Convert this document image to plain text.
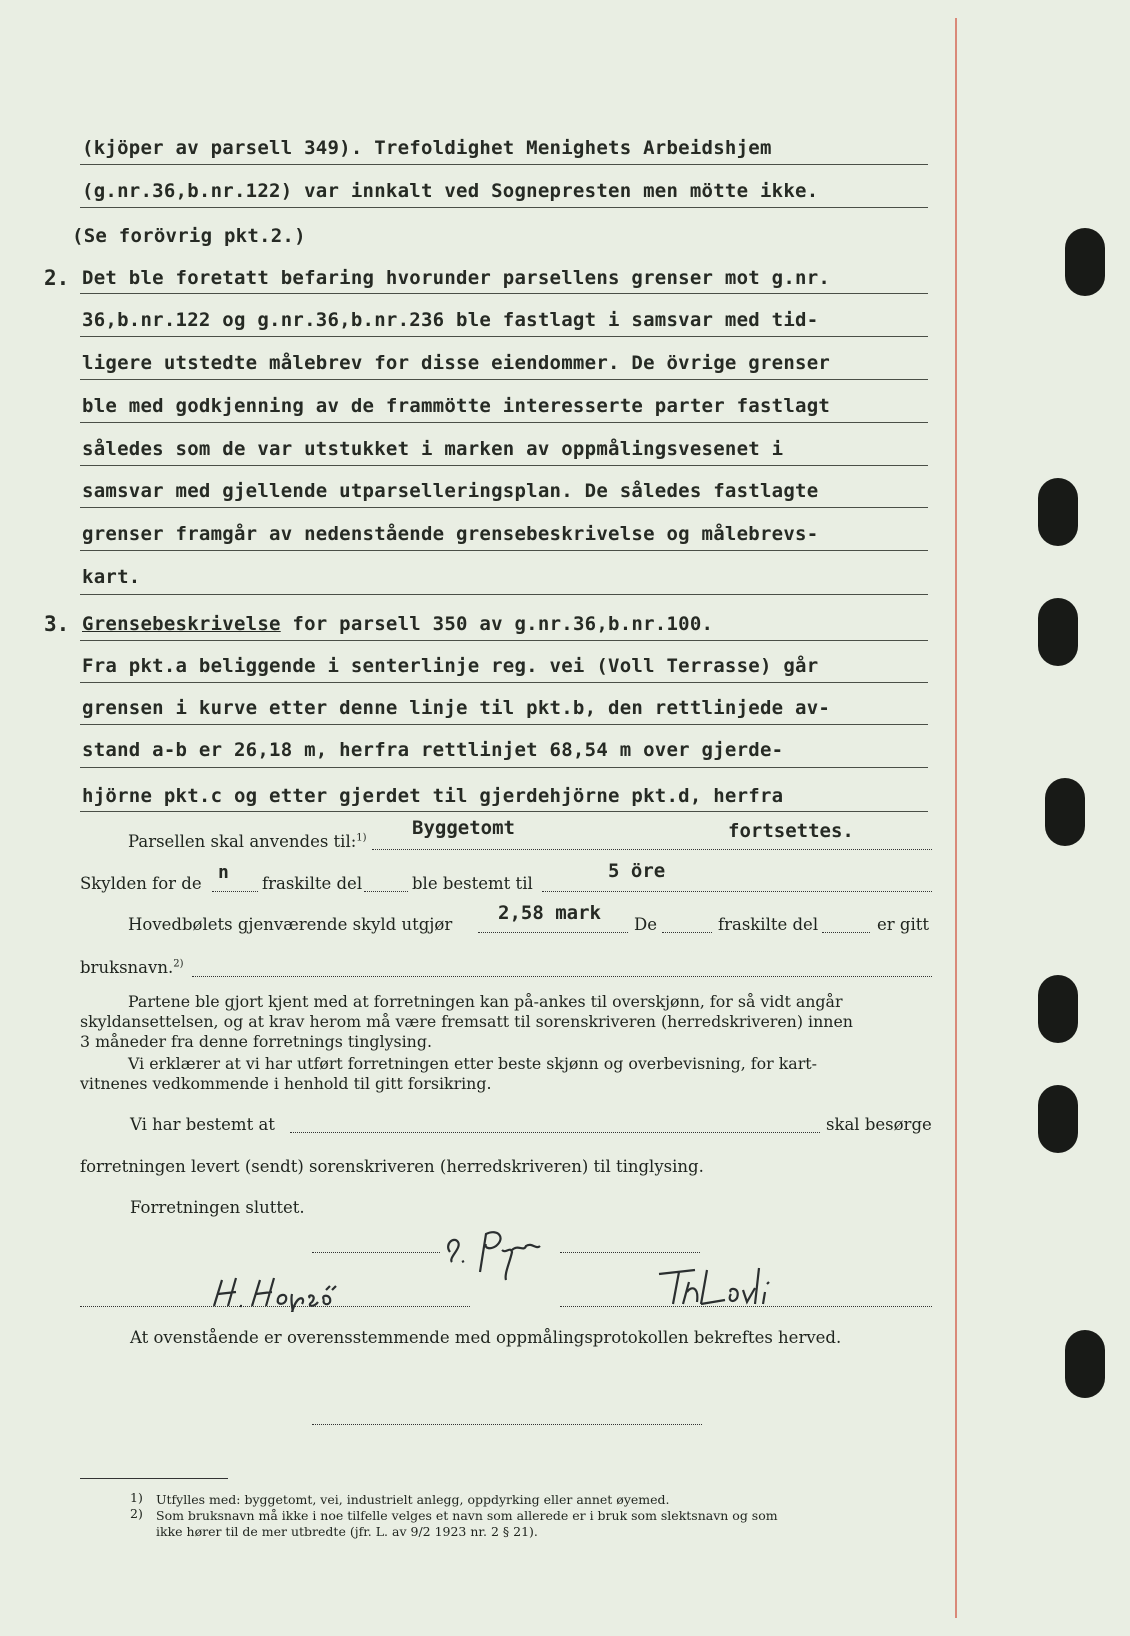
(kjöper av parsell 349). Trefoldighet Menighets Arbeidshjem
(g.nr.36,b.nr.122) var innkalt ved Sognepresten men mötte ikke.
(Se forövrig pkt.2.)
2. Det ble foretatt befaring hvorunder parsellens grenser mot g.nr.
36,b.nr.122 og g.nr.36,b.nr.236 ble fastlagt i samsvar med tid-
ligere utstedte målebrev for disse eiendommer. De övrige grenser
ble med godkjenning av de frammötte interesserte parter fastlagt
således som de var utstukket i marken av oppmålingsvesenet i
samsvar med gjellende utparselleringsplan. De således fastlagte
grenser framgår av nedenstående grensebeskrivelse og målebrevs-
kart.
3. Grensebeskrivelse for parsell 350 av g.nr.36,b.nr.100.
Fra pkt.a beliggende i senterlinje reg. vei (Voll Terrasse) går
grensen i kurve etter denne linje til pkt.b, den rettlinjede av-
stand a-b er 26,18 m, herfra rettlinjet 68,54 m over gjerde-
hjörne pkt.c og etter gjerdet til gjerdehjörne pkt.d, herfra
Parsellen skal anvendes til:$^{1)}$ Byggetomt	fortsettes.
Skylden for de
n
fraskilte del	ble bestemt til
5 öre
Hovedbølets gjenværende skyld utgjør
2,58 mark
De	fraskilte del	er gitt
bruksnavn.$^{2)}$
Partene ble gjort kjent med at forretningen kan på-ankes til overskjønn, for så vidt angår
skyldansettelsen, og at krav herom må være fremsatt til sorenskriveren (herredskriveren) innen
3 måneder fra denne forretnings tinglysing.
Vi erklærer at vi har utført forretningen etter beste skjønn og overbevisning, for kart-
vitnenes vedkommende i henhold til gitt forsikring.
Vi har bestemt at	skal besørge
forretningen levert (sendt) sorenskriveren (herredskriveren) til tinglysing.
Forretningen sluttet.
S. Pyn
H. Hopsö
Th. Lövli
At ovenstående er overensstemmende med oppmålingsprotokollen bekreftes herved.
1) Utfylles med: byggetomt, vei, industrielt anlegg, oppdyrking eller annet øyemed.
2) Som bruksnavn må ikke i noe tilfelle velges et navn som allerede er i bruk som slektsnavn og som
ikke hører til de mer utbredte (jfr. L. av 9/2 1923 nr. 2 § 21).
